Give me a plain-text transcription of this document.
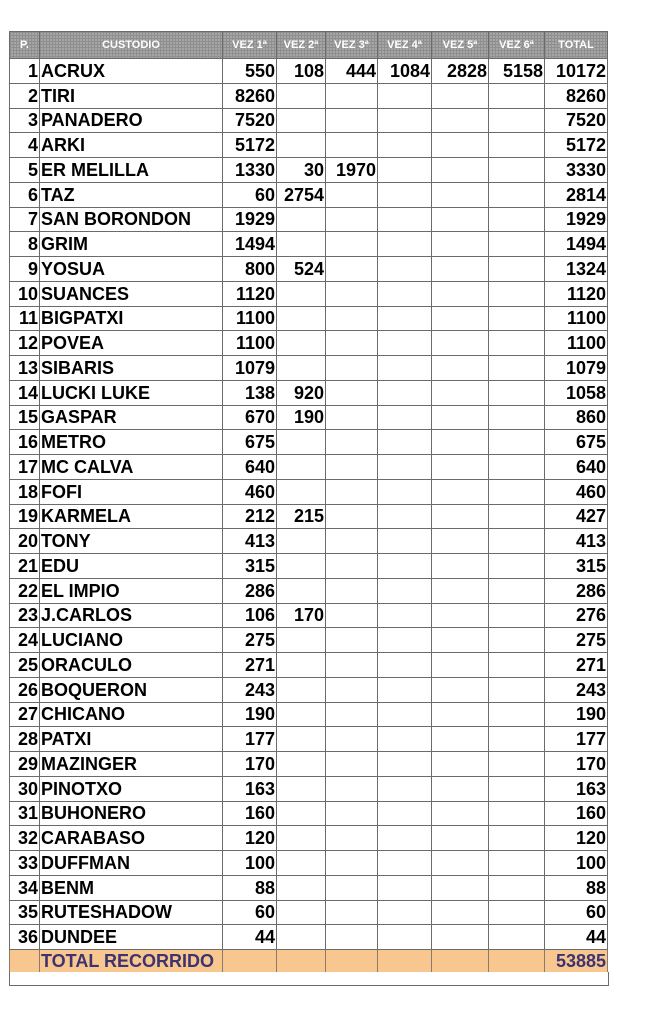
P.	CUSTODIO	VEZ 1ª	VEZ 2ª	VEZ 3ª	VEZ 4ª	VEZ 5ª	VEZ 6ª	TOTAL
1	ACRUX	550	108	444	1084	2828	5158	10172
2	TIRI	8260						8260
3	PANADERO	7520						7520
4	ARKI	5172						5172
5	ER MELILLA	1330	30	1970				3330
6	TAZ	60	2754					2814
7	SAN BORONDON	1929						1929
8	GRIM	1494						1494
9	YOSUA	800	524					1324
10	SUANCES	1120						1120
11	BIGPATXI	1100						1100
12	POVEA	1100						1100
13	SIBARIS	1079						1079
14	LUCKI LUKE	138	920					1058
15	GASPAR	670	190					860
16	METRO	675						675
17	MC CALVA	640						640
18	FOFI	460						460
19	KARMELA	212	215					427
20	TONY	413						413
21	EDU	315						315
22	EL IMPIO	286						286
23	J.CARLOS	106	170					276
24	LUCIANO	275						275
25	ORACULO	271						271
26	BOQUERON	243						243
27	CHICANO	190						190
28	PATXI	177						177
29	MAZINGER	170						170
30	PINOTXO	163						163
31	BUHONERO	160						160
32	CARABASO	120						120
33	DUFFMAN	100						100
34	BENM	88						88
35	RUTESHADOW	60						60
36	DUNDEE	44						44
	TOTAL RECORRIDO							53885
